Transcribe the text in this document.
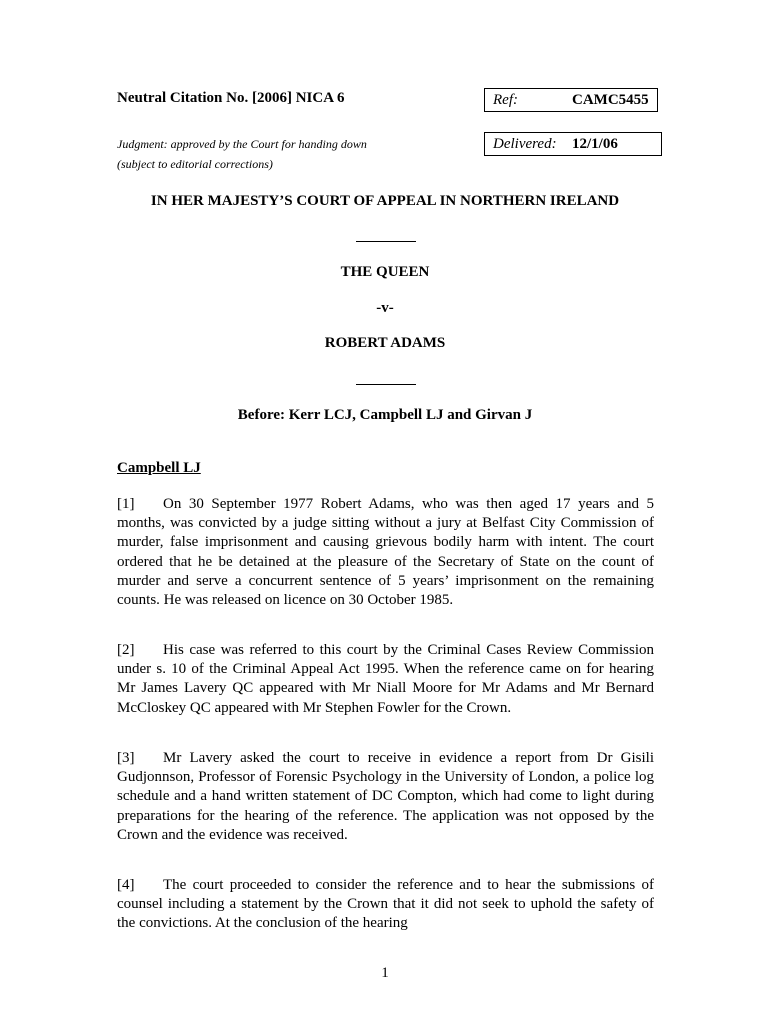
Neutral Citation No. [2006] NICA 6	Ref:	CAMC5455
Judgment: approved by the Court for handing down	Delivered: 12/1/06
(subject to editorial corrections)
IN HER MAJESTY’S COURT OF APPEAL IN NORTHERN IRELAND
THE QUEEN
-v-
ROBERT ADAMS
Before: Kerr LCJ, Campbell LJ and Girvan J
Campbell LJ
[1] On 30 September 1977 Robert Adams, who was then aged 17 years and 5 months, was convicted by a judge sitting without a jury at Belfast City Commission of murder, false imprisonment and causing grievous bodily harm with intent. The court ordered that he be detained at the pleasure of the Secretary of State on the count of murder and serve a concurrent sentence of 5 years’ imprisonment on the remaining counts. He was released on licence on 30 October 1985.
[2] His case was referred to this court by the Criminal Cases Review Commission under s. 10 of the Criminal Appeal Act 1995. When the reference came on for hearing Mr James Lavery QC appeared with Mr Niall Moore for Mr Adams and Mr Bernard McCloskey QC appeared with Mr Stephen Fowler for the Crown.
[3] Mr Lavery asked the court to receive in evidence a report from Dr Gisili Gudjonnson, Professor of Forensic Psychology in the University of London, a police log schedule and a hand written statement of DC Compton, which had come to light during preparations for the hearing of the reference. The application was not opposed by the Crown and the evidence was received.
[4] The court proceeded to consider the reference and to hear the submissions of counsel including a statement by the Crown that it did not seek to uphold the safety of the convictions. At the conclusion of the hearing
1
